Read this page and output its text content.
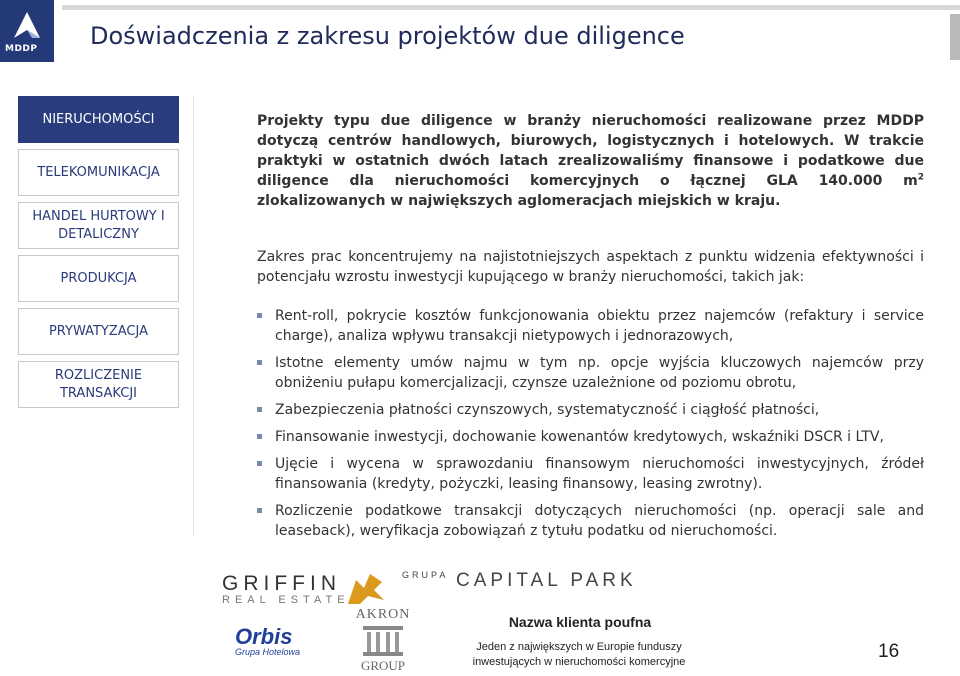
MDDP Doświadczenia z zakresu projektów due diligence
NIERUCHOMOŚCI
TELEKOMUNIKACJA
HANDEL HURTOWY I DETALICZNY
PRODUKCJA
PRYWATYZACJA
ROZLICZENIE TRANSAKCJI
Projekty typu due diligence w branży nieruchomości realizowane przez MDDP dotyczą centrów handlowych, biurowych, logistycznych i hotelowych. W trakcie praktyki w ostatnich dwóch latach zrealizowaliśmy finansowe i podatkowe due diligence dla nieruchomości komercyjnych o łącznej GLA 140.000 $m^2$ zlokalizowanych w największych aglomeracjach miejskich w kraju.
Zakres prac koncentrujemy na najistotniejszych aspektach z punktu widzenia efektywności i potencjału wzrostu inwestycji kupującego w branży nieruchomości, takich jak:
Rent-roll, pokrycie kosztów funkcjonowania obiektu przez najemców (refaktury i service charge), analiza wpływu transakcji nietypowych i jednorazowych,
Istotne elementy umów najmu w tym np. opcje wyjścia kluczowych najemców przy obniżeniu pułapu komercjalizacji, czynsze uzależnione od poziomu obrotu,
Zabezpieczenia płatności czynszowych, systematyczność i ciągłość płatności,
Finansowanie inwestycji, dochowanie kowenantów kredytowych, wskaźniki DSCR i LTV,
Ujęcie i wycena w sprawozdaniu finansowym nieruchomości inwestycyjnych, źródeł finansowania (kredyty, pożyczki, leasing finansowy, leasing zwrotny).
Rozliczenie podatkowe transakcji dotyczących nieruchomości (np. operacji sale and leaseback), weryfikacja zobowiązań z tytułu podatku od nieruchomości.
GRIFFIN
REAL ESTATE
GRUPA CAPITAL PARK
AKRON
GROUP
Orbis
Grupa Hotelowa
Nazwa klienta poufna
Jeden z największych w Europie funduszy inwestujących w nieruchomości komercyjne	16
